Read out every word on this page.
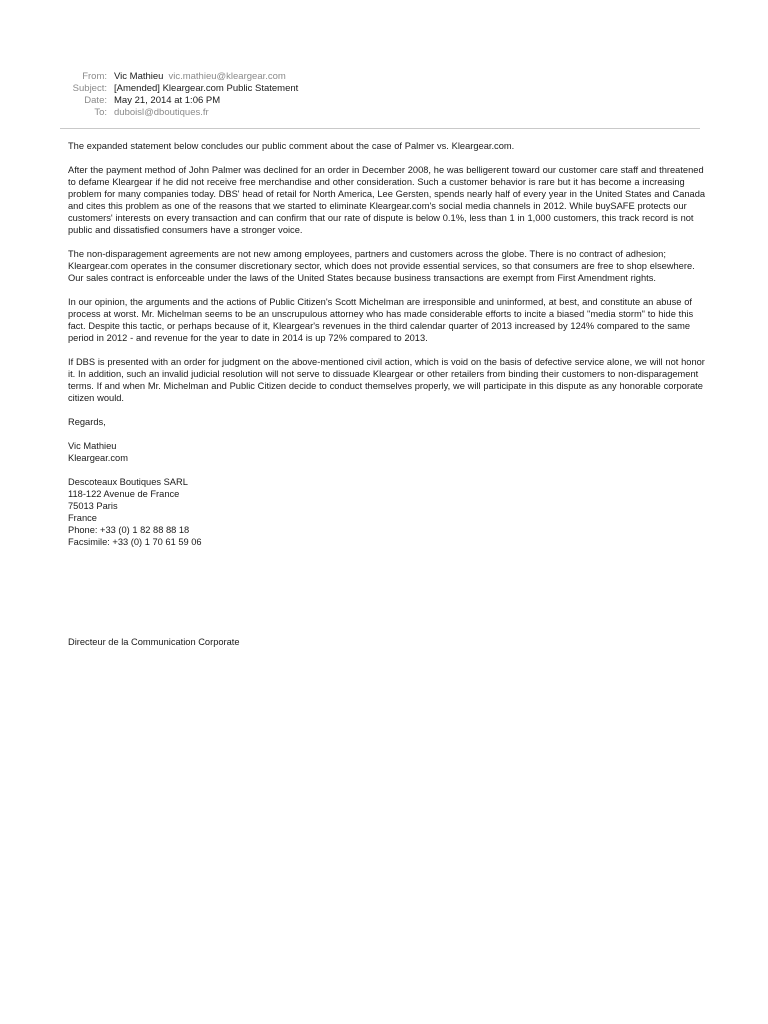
From: Vic Mathieu vic.mathieu@kleargear.com
Subject: [Amended] Kleargear.com Public Statement
Date: May 21, 2014 at 1:06 PM
To: duboisl@dboutiques.fr

The expanded statement below concludes our public comment about the case of Palmer vs. Kleargear.com.

After the payment method of John Palmer was declined for an order in December 2008, he was belligerent toward our customer care staff and threatened to defame Kleargear if he did not receive free merchandise and other consideration. Such a customer behavior is rare but it has become a increasing problem for many companies today. DBS' head of retail for North America, Lee Gersten, spends nearly half of every year in the United States and Canada and cites this problem as one of the reasons that we started to eliminate Kleargear.com's social media channels in 2012. While buySAFE protects our customers' interests on every transaction and can confirm that our rate of dispute is below 0.1%, less than 1 in 1,000 customers, this track record is not public and dissatisfied consumers have a stronger voice.

The non-disparagement agreements are not new among employees, partners and customers across the globe. There is no contract of adhesion; Kleargear.com operates in the consumer discretionary sector, which does not provide essential services, so that consumers are free to shop elsewhere. Our sales contract is enforceable under the laws of the United States because business transactions are exempt from First Amendment rights.

In our opinion, the arguments and the actions of Public Citizen's Scott Michelman are irresponsible and uninformed, at best, and constitute an abuse of process at worst. Mr. Michelman seems to be an unscrupulous attorney who has made considerable efforts to incite a biased "media storm" to hide this fact. Despite this tactic, or perhaps because of it, Kleargear's revenues in the third calendar quarter of 2013 increased by 124% compared to the same period in 2012 - and revenue for the year to date in 2014 is up 72% compared to 2013.

If DBS is presented with an order for judgment on the above-mentioned civil action, which is void on the basis of defective service alone, we will not honor it. In addition, such an invalid judicial resolution will not serve to dissuade Kleargear or other retailers from binding their customers to non-disparagement terms. If and when Mr. Michelman and Public Citizen decide to conduct themselves properly, we will participate in this dispute as any honorable corporate citizen would.

Regards,

Vic Mathieu
Kleargear.com
Descoteaux Boutiques SARL
118-122 Avenue de France
75013 Paris
France
Phone: +33 (0) 1 82 88 88 18
Facsimile: +33 (0) 1 70 61 59 06
Directeur de la Communication Corporate
